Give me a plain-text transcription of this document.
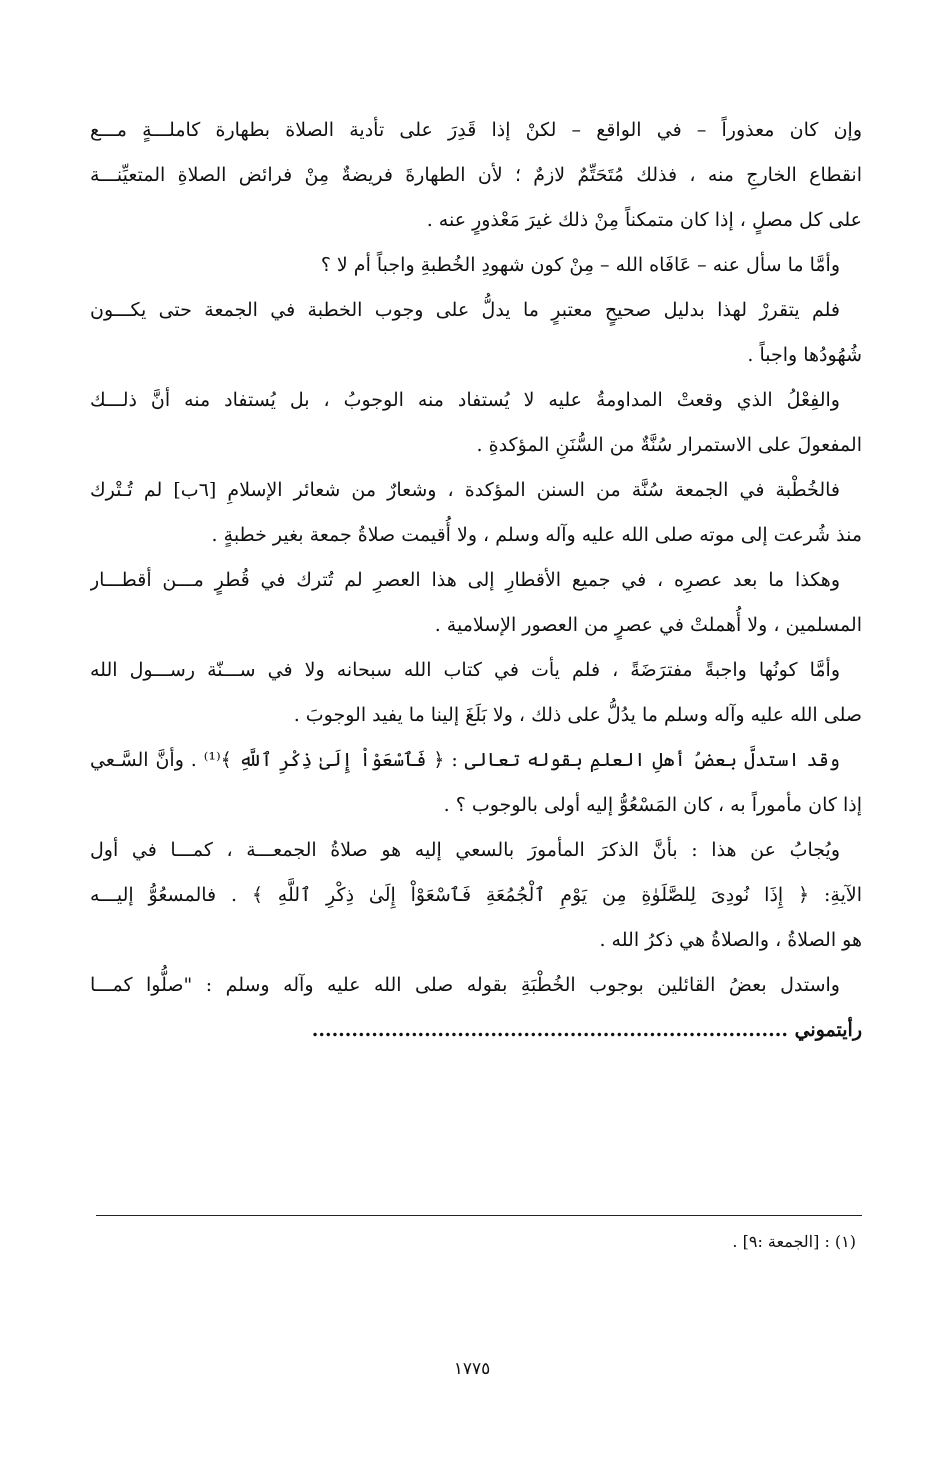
وإن كان معذوراً – في الواقع – لكنْ إذا قَدِرَ على تأدية الصلاة بطهارة كاملـــةٍ مـــع
انقطاع الخارجِ منه ، فذلك مُتَحَتِّمٌ لازمٌ ؛ لأن الطهارةَ فريضةٌ مِنْ فرائض الصلاةِ المتعيِّنـــة
على كل مصلٍ ، إذا كان متمكناً مِنْ ذلك غيرَ مَعْذورٍ عنه .
وأمَّا ما سأل عنه – عَافَاه الله – مِنْ كون شهودِ الخُطبةِ واجباً أم لا ؟
فلم يتقررْ لهذا بدليل صحيحٍ معتبرٍ ما يدلُّ على وجوب الخطبة في الجمعة حتى يكـــون
شُهُودُها واجباً .
والفِعْلُ الذي وقعتْ المداومةُ عليه لا يُستفاد منه الوجوبُ ، بل يُستفاد منه أنَّ ذلـــك
المفعولَ على الاستمرار سُنَّةٌ من السُّنَنِ المؤكدةِ .
فالخُطْبة في الجمعة سُنَّة من السنن المؤكدة ، وشعارٌ من شعائر الإسلامِ [٦ب] لم تُـتْرك
منذ شُرعت إلى موته صلى الله عليه وآله وسلم ، ولا أُقيمت صلاةُ جمعة بغير خطبةٍ .
وهكذا ما بعد عصرِه ، في جميع الأقطارِ إلى هذا العصرِ لم تُترك في قُطرٍ مـــن أقطـــار
المسلمين ، ولا أُهملتْ في عصرٍ من العصور الإسلامية .
وأمَّا كونُها واجبةً مفترَضَةً ، فلم يأت في كتاب الله سبحانه ولا في ســـنّة رســـول الله
صلى الله عليه وآله وسلم ما يدُلُّ على ذلك ، ولا بَلَغَ إلينا ما يفيد الوجوبَ .
وقد استدلَّ بعضُ أهلِ العلمِ بقوله تعالى : ﴿ فَٱسْعَوْاْ إِلَىٰ ذِكْرِ ٱللَّهِ ﴾⁽¹⁾ . وأنَّ السَّـعي
إذا كان مأموراً به ، كان المَسْعُوُّ إليه أولى بالوجوب ؟ .
ويُجابُ عن هذا : بأنَّ الذكرَ المأمورَ بالسعي إليه هو صلاةُ الجمعـــة ، كمـــا في أول
الآيةِ: ﴿ إِذَا نُودِىَ لِلصَّلَوٰةِ مِن يَوْمِ ٱلْجُمُعَةِ فَٱسْعَوْاْ إِلَىٰ ذِكْرِ ٱللَّهِ ﴾ . فالمسعُوُّ إليـــه
هو الصلاةُ ، والصلاةُ هي ذكرُ الله .
واستدل بعضُ القائلين بوجوب الخُطْبَةِ بقوله صلى الله عليه وآله وسلم : "صلُّوا كمـــا
رأيتموني ........................................................................
(١) : [الجمعة :٩] .
١٧٧٥
